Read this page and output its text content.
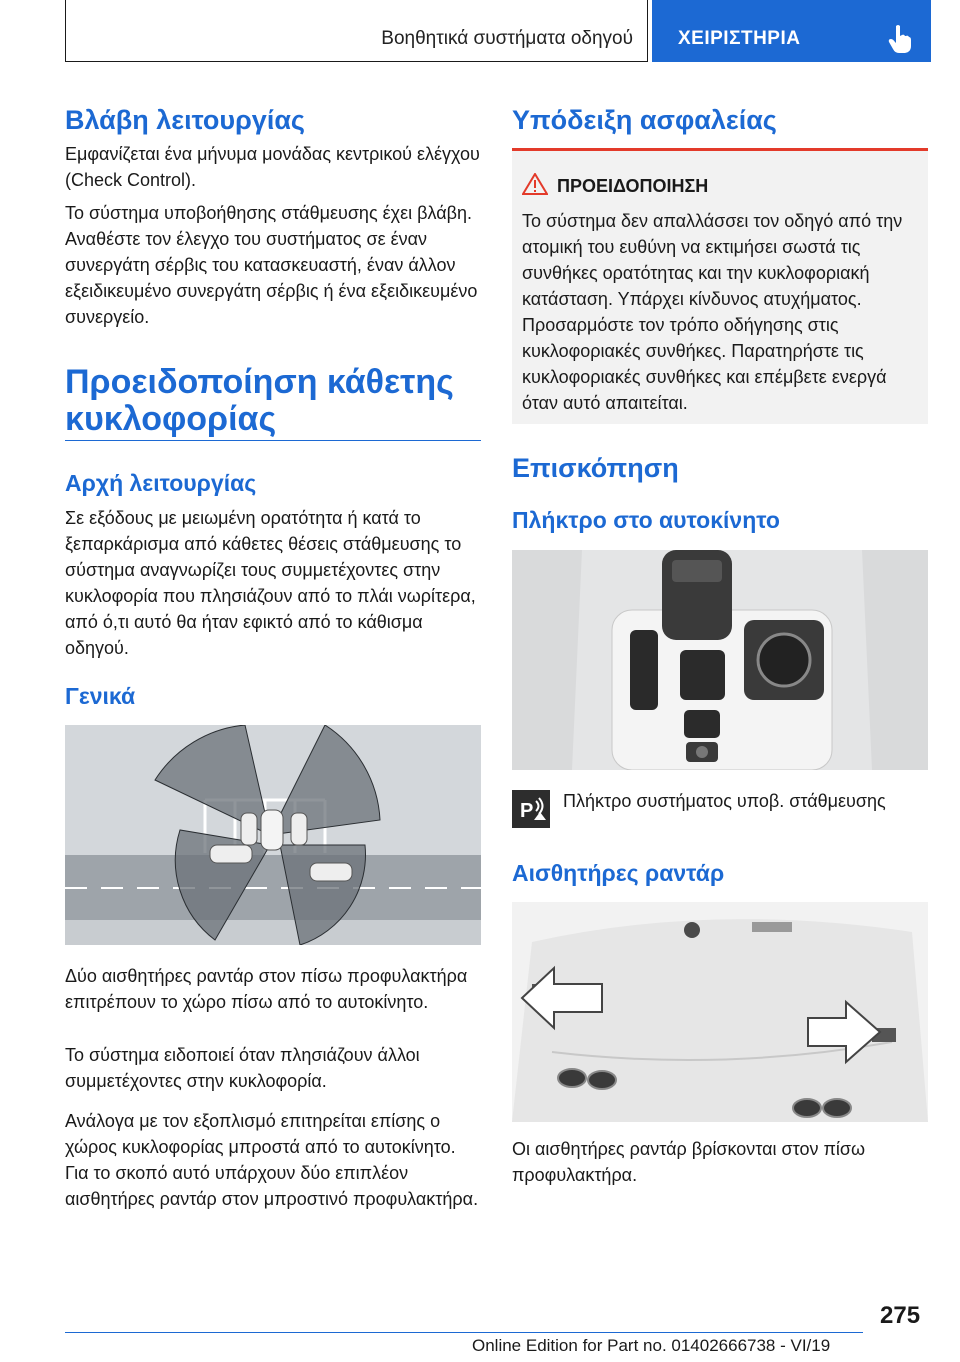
Βοηθητικά συστήματα οδηγού ΧΕΙΡΙΣΤΗΡΙΑ
Βλάβη λειτουργίας

Εμφανίζεται ένα μήνυμα μονάδας κεντρικού ελέγχου (Check Control).

Το σύστημα υποβοήθησης στάθμευσης έχει βλάβη. Αναθέστε τον έλεγχο του συστήματος σε έναν συνεργάτη σέρβις του κατασκευαστή, έναν άλλον εξειδικευμένο συνεργάτη σέρβις ή ένα εξειδικευμένο συνεργείο.

Προειδοποίηση κάθετης
κυκλοφορίας
Αρχή λειτουργίας

Σε εξόδους με μειωμένη ορατότητα ή κατά το ξεπαρκάρισμα από κάθετες θέσεις στάθμευσης το σύστημα αναγνωρίζει τους συμμετέχοντες στην κυκλοφορία που πλησιάζουν από το πλάι νωρίτερα, από ό,τι αυτό θα ήταν εφικτό από το κάθισμα οδηγού.

Γενικά

Δύο αισθητήρες ραντάρ στον πίσω προφυλακτήρα επιτρέπουν το χώρο πίσω από το αυτοκίνητο.

Το σύστημα ειδοποιεί όταν πλησιάζουν άλλοι συμμετέχοντες στην κυκλοφορία.

Ανάλογα με τον εξοπλισμό επιτηρείται επίσης ο χώρος κυκλοφορίας μπροστά από το αυτοκίνητο. Για το σκοπό αυτό υπάρχουν δύο επιπλέον αισθητήρες ραντάρ στον μπροστινό προφυλακτήρα.

Υπόδειξη ασφαλείας
ΠΡΟΕΙΔΟΠΟΙΗΣΗ

Το σύστημα δεν απαλλάσσει τον οδηγό από την ατομική του ευθύνη να εκτιμήσει σωστά τις συνθήκες ορατότητας και την κυκλοφοριακή κατάσταση. Υπάρχει κίνδυνος ατυχήματος. Προσαρμόστε τον τρόπο οδήγησης στις κυκλοφοριακές συνθήκες. Παρατηρήστε τις κυκλοφοριακές συνθήκες και επέμβετε ενεργά όταν αυτό απαιτείται.

Επισκόπηση
Πλήκτρο στο αυτοκίνητο
P Πλήκτρο συστήματος υποβ. στάθμευσης

Αισθητήρες ραντάρ

Οι αισθητήρες ραντάρ βρίσκονται στον πίσω προφυλακτήρα.

275
Online Edition for Part no. 01402666738 - VI/19
